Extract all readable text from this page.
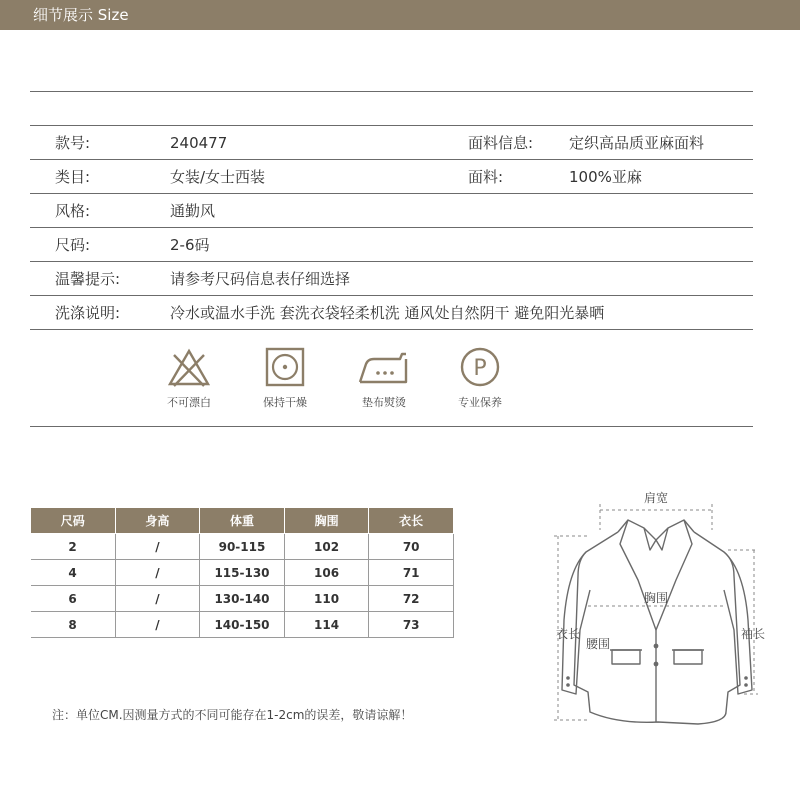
细节展示 Size
款号:	240477	面料信息: 定织高品质亚麻面料
类目:	女装/女士西装	面料:	100%亚麻
风格:	通勤风
尺码:	2-6码
温馨提示:	请参考尺码信息表仔细选择
洗涤说明:	冷水或温水手洗 套洗衣袋轻柔机洗 通风处自然阴干 避免阳光暴晒
不可漂白	保持干燥	垫布熨烫
P
专业保养
尺码	身高	体重	胸围	衣长
2	/	90-115	102	70
4	/	115-130	106	71
6	/	130-140	110	72
8	/	140-150	114	73
注：单位CM.因测量方式的不同可能存在1-2cm的误差，敬请谅解！
肩宽
胸围
衣长
腰围
袖长
